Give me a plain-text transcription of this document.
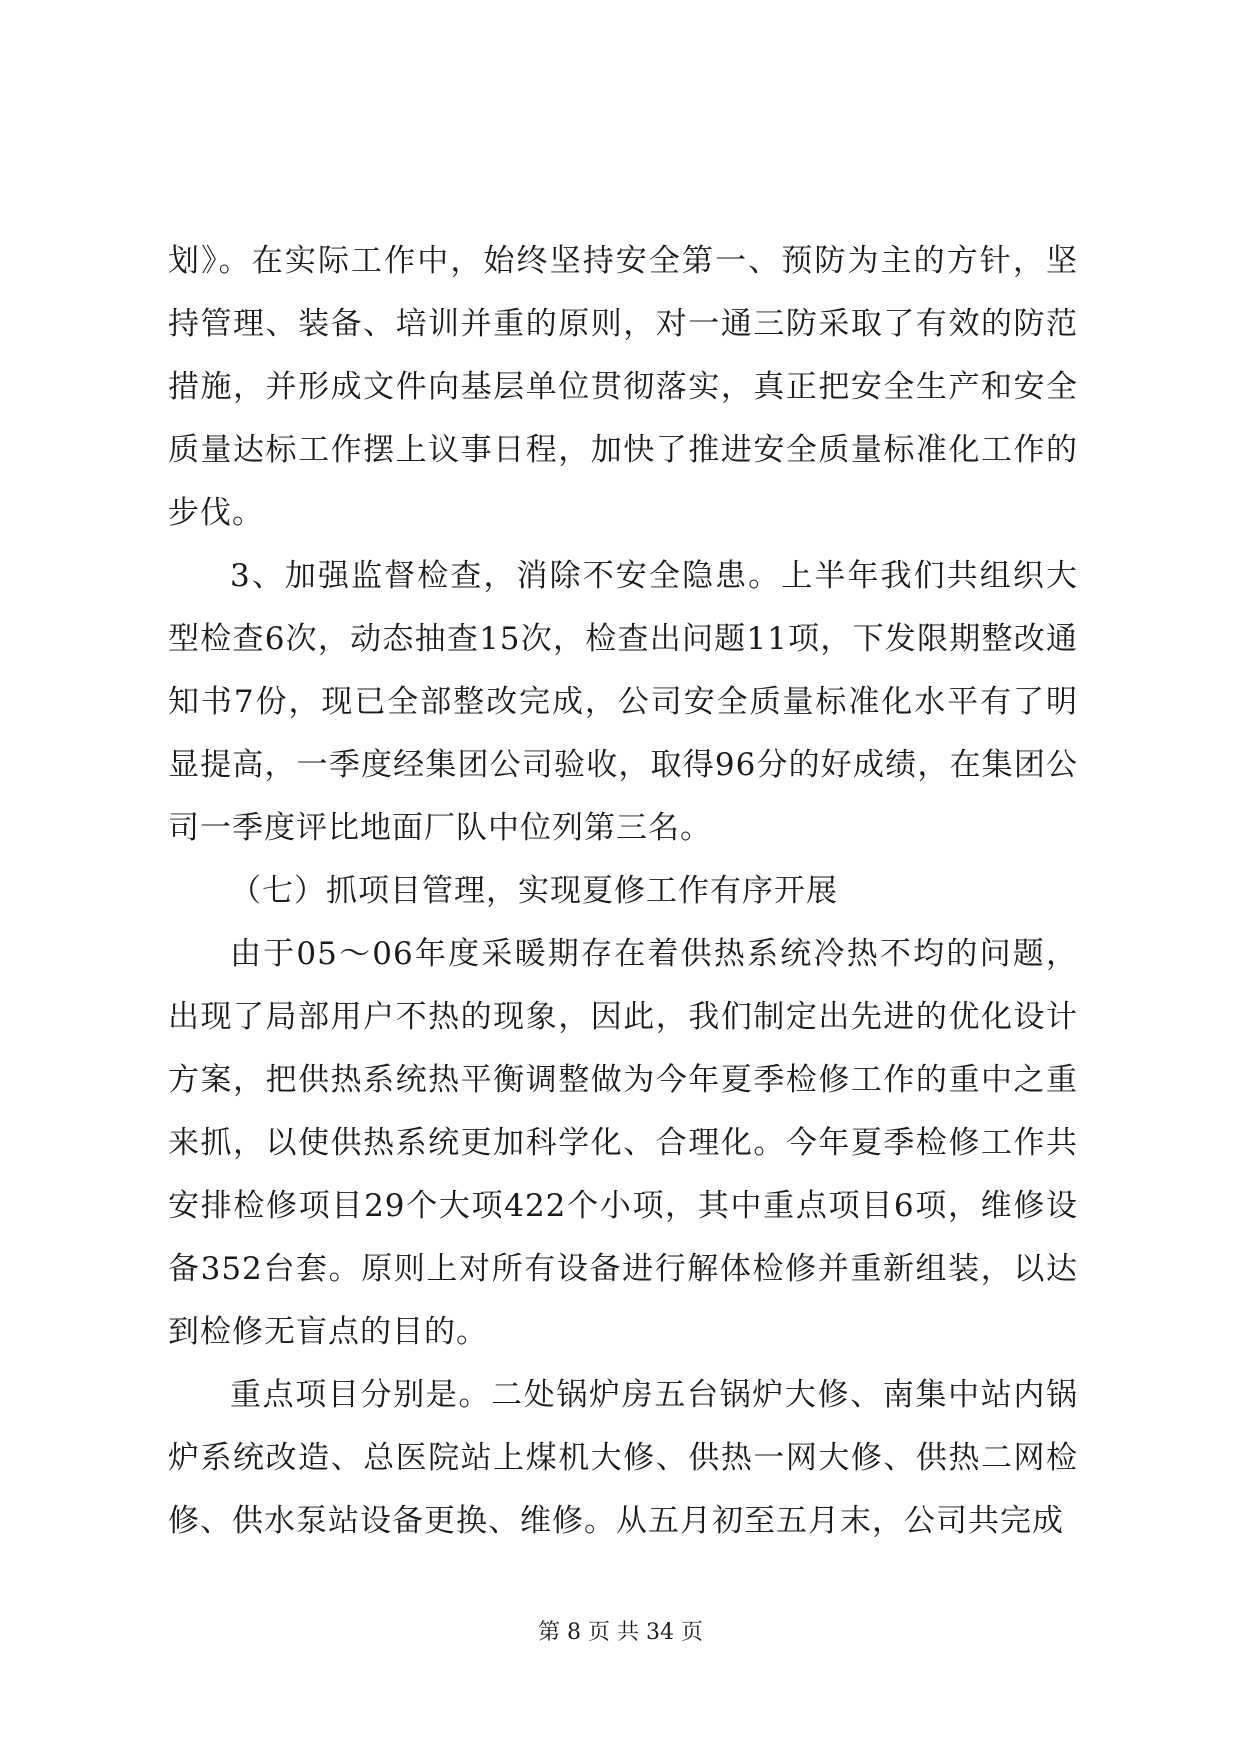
划》。在实际工作中，始终坚持安全第一、预防为主的方针，坚持管理、装备、培训并重的原则，对一通三防采取了有效的防范措施，并形成文件向基层单位贯彻落实，真正把安全生产和安全质量达标工作摆上议事日程，加快了推进安全质量标准化工作的步伐。

3、加强监督检查，消除不安全隐患。上半年我们共组织大型检查6次，动态抽查15次，检查出问题11项，下发限期整改通知书7份，现已全部整改完成，公司安全质量标准化水平有了明显提高，一季度经集团公司验收，取得96分的好成绩，在集团公司一季度评比地面厂队中位列第三名。

（七）抓项目管理，实现夏修工作有序开展

由于05～06年度采暖期存在着供热系统冷热不均的问题，出现了局部用户不热的现象，因此，我们制定出先进的优化设计方案，把供热系统热平衡调整做为今年夏季检修工作的重中之重来抓，以使供热系统更加科学化、合理化。今年夏季检修工作共安排检修项目29个大项422个小项，其中重点项目6项，维修设备352台套。原则上对所有设备进行解体检修并重新组装，以达到检修无盲点的目的。

重点项目分别是。二处锅炉房五台锅炉大修、南集中站内锅炉系统改造、总医院站上煤机大修、供热一网大修、供热二网检修、供水泵站设备更换、维修。从五月初至五月末，公司共完成

第 8 页 共 34 页
